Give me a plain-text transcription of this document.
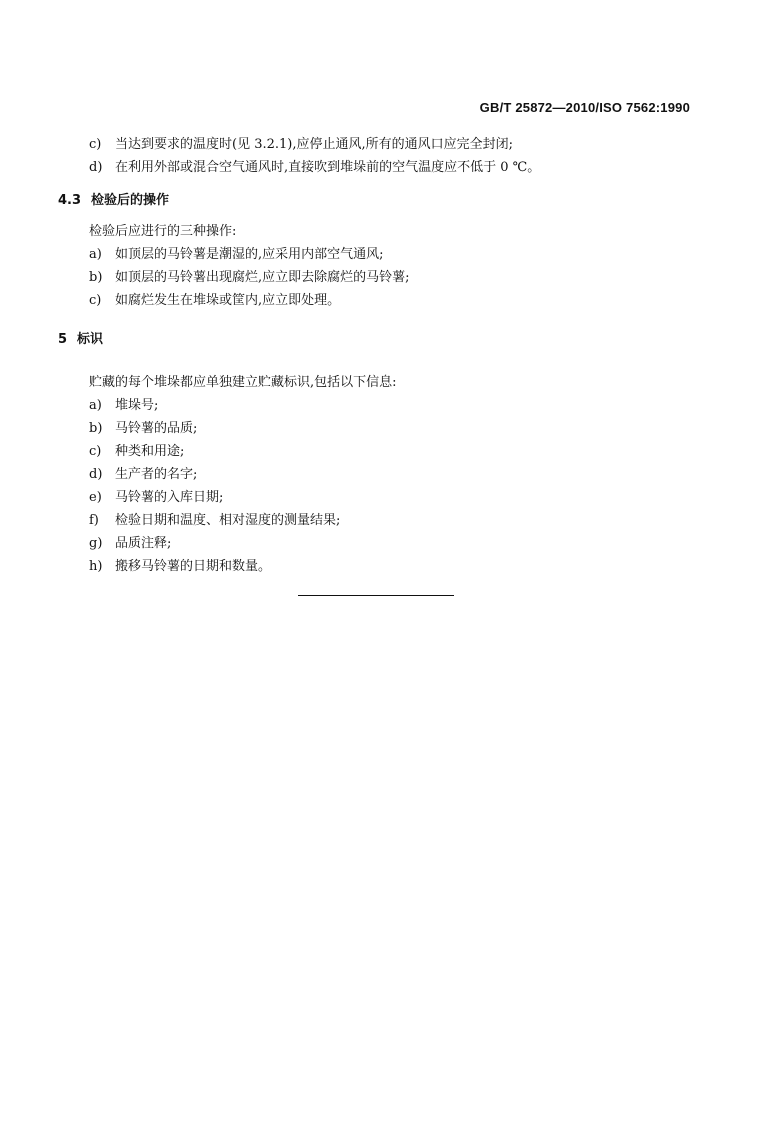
GB/T 25872—2010/ISO 7562:1990
c) 当达到要求的温度时(见 3.2.1),应停止通风,所有的通风口应完全封闭;
d) 在利用外部或混合空气通风时,直接吹到堆垛前的空气温度应不低于 0 ℃。
4.3 检验后的操作
检验后应进行的三种操作:
a) 如顶层的马铃薯是潮湿的,应采用内部空气通风;
b) 如顶层的马铃薯出现腐烂,应立即去除腐烂的马铃薯;
c) 如腐烂发生在堆垛或筐内,应立即处理。
5 标识
贮藏的每个堆垛都应单独建立贮藏标识,包括以下信息:
a) 堆垛号;
b) 马铃薯的品质;
c) 种类和用途;
d) 生产者的名字;
e) 马铃薯的入库日期;
f) 检验日期和温度、相对湿度的测量结果;
g) 品质注释;
h) 搬移马铃薯的日期和数量。
